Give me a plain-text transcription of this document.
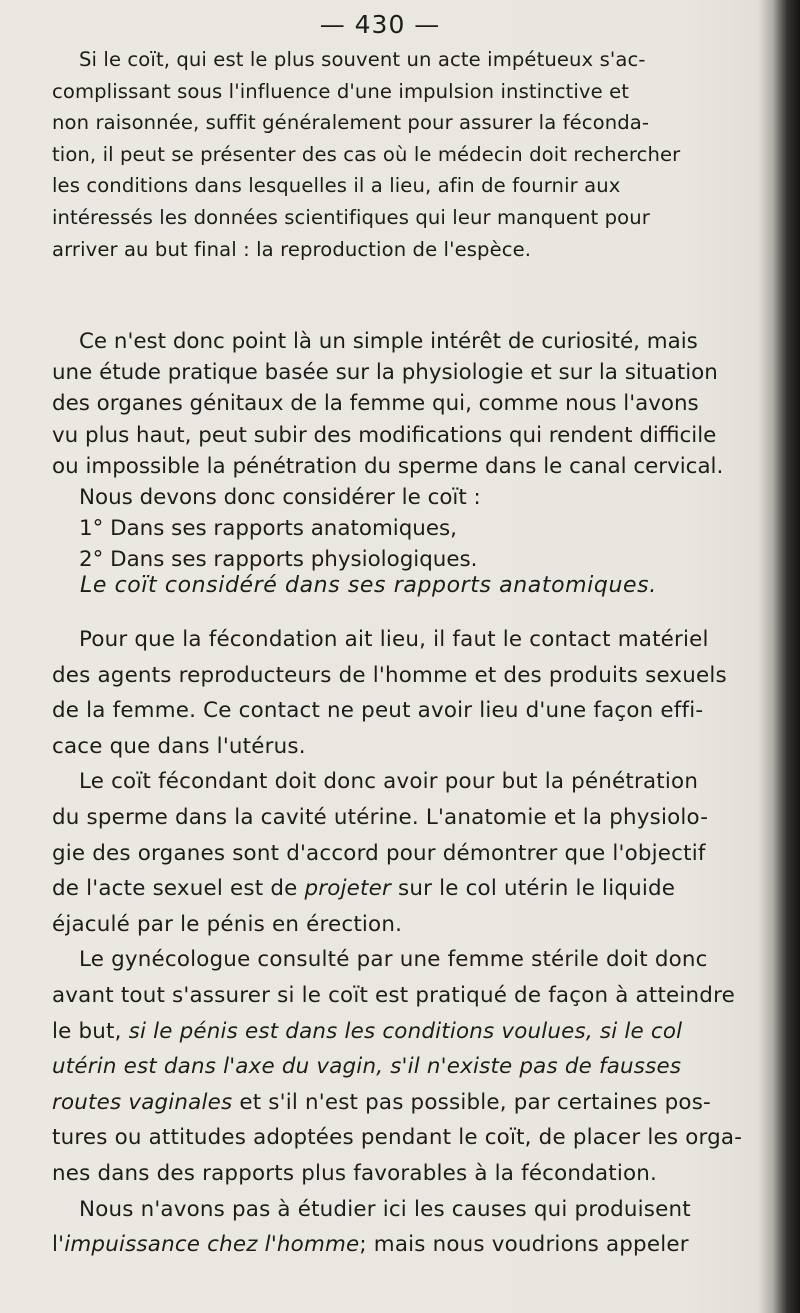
— 430 —
Si le coït, qui est le plus souvent un acte impétueux s'ac-
complissant sous l'influence d'une impulsion instinctive et
non raisonnée, suffit généralement pour assurer la féconda-
tion, il peut se présenter des cas où le médecin doit rechercher
les conditions dans lesquelles il a lieu, afin de fournir aux
intéressés les données scientifiques qui leur manquent pour
arriver au but final : la reproduction de l'espèce.
Ce n'est donc point là un simple intérêt de curiosité, mais
une étude pratique basée sur la physiologie et sur la situation
des organes génitaux de la femme qui, comme nous l'avons
vu plus haut, peut subir des modifications qui rendent difficile
ou impossible la pénétration du sperme dans le canal cervical.
Nous devons donc considérer le coït :
1° Dans ses rapports anatomiques,
2° Dans ses rapports physiologiques.
Le coït considéré dans ses rapports anatomiques.
Pour que la fécondation ait lieu, il faut le contact matériel
des agents reproducteurs de l'homme et des produits sexuels
de la femme. Ce contact ne peut avoir lieu d'une façon effi-
cace que dans l'utérus.
Le coït fécondant doit donc avoir pour but la pénétration
du sperme dans la cavité utérine. L'anatomie et la physiolo-
gie des organes sont d'accord pour démontrer que l'objectif
de l'acte sexuel est de projeter sur le col utérin le liquide
éjaculé par le pénis en érection.
Le gynécologue consulté par une femme stérile doit donc
avant tout s'assurer si le coït est pratiqué de façon à atteindre
le but, si le pénis est dans les conditions voulues, si le col
utérin est dans l'axe du vagin, s'il n'existe pas de fausses
routes vaginales et s'il n'est pas possible, par certaines pos-
tures ou attitudes adoptées pendant le coït, de placer les orga-
nes dans des rapports plus favorables à la fécondation.
Nous n'avons pas à étudier ici les causes qui produisent
l'impuissance chez l'homme; mais nous voudrions appeler
